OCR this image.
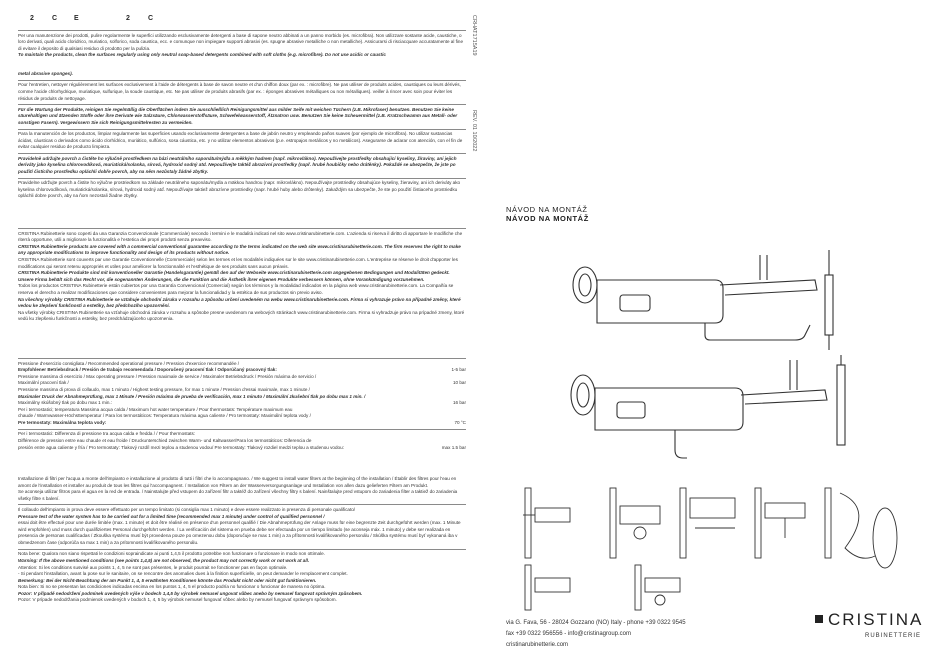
2 C E	2 C

Per una manutenzione dei prodotti, pulire regolarmente le superfici utilizzando esclusivamente detergenti a base di sapone neutro abbinati a un panno morbido (es. microfibra). Non utilizzare sostante acide, caustiche, o loro derivati, quali acido cloridrico, muriatico, solforico, soda caustica, ecc. e comunque non impiegare supporti abrasivi (es. spugne abrasive metalliche o non metalliche). Assicurarsi di risciacquare accuratamente al fine di evitare il deposito di qualsiasi residuo di prodotto per la pulizia.

To maintain the products, clean the surfaces regularly using only neutral soap-based detergents combined with soft cloths (e.g. microfibre). Do not use acidic or caustic

metal abrasive sponges).

Pour l'entretien, nettoyer régulièrement les surfaces exclusivement à l'aide de détergents à base de savon neutre et d'un chiffon doux (par ex. : microfibre). Ne pas utiliser de produits acides, caustiques ou leurs dérivés, comme l'acide chlorhydrique, muriatique, sulfurique, la soude caustique, etc. Ne pas utiliser de produits abrasifs (par ex. : éponges abrasives métalliques ou non métalliques). veiller à rincer avec soin pour éviter les résidus de produits de nettoyage.

Für die Wartung der Produkte, reinigen Sie regelmäßig die Oberflächen indem Sie ausschließlich Reinigungsmittel aus milder Seife mit weichen Tüchern (z.B. Mikrofaser) benutzen. Benutzen Sie keine säurehaltigen und ätzenden Stoffe oder ihre Derivate wie Salzsäure, Chlorwasserstoffsäure, Schwefelwasserstoff, Ätznatron usw. Benutzen Sie keine Scheuermittel (z.B. Kratzschwamm aus Metall- oder sonstigen Fasern). Vergewissern Sie sich Reinigungsmittelresten zu vermeiden.

Para la manutención de los productos, limpiar regularmente las superficies usando exclusivamente detergentes a base de jabón neutro y empleando paños suaves (por ejemplo de microfibra). No utilizar sustancias ácidas, cáusticas o derivados como ácido clorhídrico, muriático, sulfúrico, sosa cáustica, etc. y no utilizar elementos abrasivos (p.e. estropajos metálicos y no metálicos). Asegurarse de aclarar con atención, con el fin de evitar cualquier residuo de producto limpieza.

Pravidelně udržujte povrch a čistěte ho výlučně prostředkem na bázi neutrálního saponátu/mýdla a měkkým hadrem (např. mikrovlákno). Nepoužívejte prostředky obsahující kyseliny, žíraviny, ani jejich deriváty jako kyselina chlorovodíková, muriatická/solanka, sírová, hydroxid sodný atd. Nepoužívejte taktéž abrazivní prostředky (např. hrubé houbičky nebo drátěnky). Pokaždé se ubezpečte, že jste po použití čistícího prostředku opláchli dobře povrch, aby na něm nezůstaly žádné zbytky.

Pravidelne udržujte povrch a čistite ho výlučne prostriedkom na základe neutrálneho saponátu/mydla a mäkkou handrou (napr. mikrovlákno). Nepoužívajte prostriedky obsahujúce kyseliny, žieraviny, ani ich deriváty ako kyselina chlorovodíková, muriatická/solanka, sírová, hydroxid sodný atď. Nepoužívajte taktiež abrazívne prostriedky (napr. hrubé huby alebo drôtenky). Zakaždým sa ubezpečte, že ste po použití čistiaceho prostriedku opláchli dobre povrch, aby na ňom nezostali žiadne zbytky.

CRISTINA Rubinetterie sono coperti da una Garanzia Convenzionale (Commerciale) secondo i termini e le modalità indicati nel sito www.cristinarubinetterie.com. L'azienda si riserva il diritto di apportare le modifiche che riterrà opportune, utili a migliorare la funzionalità e l'estetica dei propri prodotti senza preavviso.

CRISTINA Rubinetterie products are covered with a commercial conventional guarantee according to the terms indicated on the web site www.cristinarubinetterie.com. The firm reserves the right to make any appropriate modifications to improve functionality and design of its products without notice.

CRISTINA Rubinetterie sont couverts par une Garantie Conventionnelle (Commerciale) selon les termes et les modalités indiquées sur le site www.cristinarubinetterie.com. L'entreprise se réserve le droit d'apporter les modifications qui seront retenu appropriés et utiles pour améliorer la fonctionnalité et l'esthétique de ses produits sans aucun préavis.

CRISTINA Rubinetterie Produkte sind mit konventioneller Garantie (Handelsgarantie) gemäß den auf der Webseite www.cristinarubinetterie.com angegebenen Bedingungen und Modalitäten gedeckt. Unsere Firma behält sich das Recht vor, die sogenannten Änderungen, die die Funktion und die Ästhetik ihrer eigenen Produkte verbessern können, ohne Vorankündigung vorzunehmen.

Todos los productos CRISTINA Rubinetterie están cubiertos por una Garantía Convencional (Comercial) según los términos y la modalidad indicados en la página web www.cristinarubinetterie.com. La Compañía se reserva el derecho a realizar modificaciones que considere convenientes para mejorar la funcionalidad y la estética de sus productos sin previo aviso.

Na všechny výrobky CRISTINA Rubinetterie se vztahuje obchodní záruka v rozsahu a způsobu určení uvedeném na webu www.cristinarubinetterie.com. Firma si vyhrazuje právo na případné změny, které vedou ke zlepšení funkčnosti a estetiky, bez předchozího upozornění.

Na všetky výrobky CRISTINA Rubinetterie sa vzťahuje obchodná záruka v rozsahu a spôsobe presne uvedenom na webových stránkach www.cristinarubinetterie.com. Firma si vyhradzuje právo na prípadné zmeny, ktoré vedú ku zlepšeniu funkčnosti a estetiky, bez predchádzajúceho upozornenia.

Pressione d'esercizio consigliata / Recommended operational pressure / Pression d'exercice recommandée /

Empfohlener Betriebsdruck / Presión de trabajo recomendada / Doporučený pracovní tlak / Odporúčaný pracovný tlak:	1-5 bar

Pressione massima di esercizio / Max operating pressure / Pression maximale de service / Maximaler Betriebsdruck / Presión máxima de servicio /

Maximální pracovní tlak /	10 bar

Pressione massima di prova di collaudo, max 1 minuto / Highest testing pressure, for max 1 minute / Pression d'essai maximale, max 1 minute /

Maximaler Druck der Abnahmeprüfung, max 1 Minute / Presión máxima de prueba de verificación, max 1 minuto / Maximální zkušební tlak po dobu max 1 min. /

Maximálny skúšobný tlak po dobu max 1 min.:	16 bar

Per i termostatici; temperatura Massima acqua calda / Maximum hot water temperature / Pour thermostats: Température maximum eau

chaude / Warmwasser-Höchsttemperatur / Para los termostáticos: Temperatura máxima agua caliente / Pro termostaty: Maximální teplota vody /

Pre termostaty: Maximálna teplota vody:	70 °C

Per i termostatici: Differenza di pressione tra acqua calda e fredda / / Pour thermostats:

Différence de pression entre eau chaude et eau froide / Druckunterschied zwischen Warm- und Kaltwasser/Para los termostáticos: Diferencia de

presión entre agua caliente y fría / Pro termostaty: Tlakový rozdíl mezi teplou a studenou vodou/ Pre termostaty: Tlakový rozdiel medzi teplou a studenou vodou:	max 1.5 bar

Installazione di filtri per l'acqua a monte dell'impianto e installazione al prodotto di tutti i filtri che lo accompagnano. / We suggest to install water filters at the beginning of the installation / Établir des filtres pour l'eau en amont de l'installation et installer au produit de tous les filtres qui l'accompagnent. / Installation von Filtern an der Wasserversorgungsanlage und Installation von allen dazu gelieferten Filtern am Produkt.

Se aconseja utilizar filtros para el agua en la red de entrada. / Nainstalujte před vstupem do zařízení filtr a taktéž do zařízení všechny filtry s balení. Nainštalujte pred vstupom do zariadenia filter a taktiež do zariadenia všetky filtre s balení.

Il collaudo dell'impianto in prova deve essere effettuato per un tempo limitato (si consiglia max 1 minuto) e deve essere realizzato in presenza di personale qualificato/

Pressure test of the water system has to be carried out for a limited time (recommended max 1 minute) under control of qualified personnel /

essai doit être effectué pour une durée limitée (max. 1 minute) et doit être réalisé en présence d'un personnel qualifié / Die Abnahmeprüfung der Anlage muss für eine begrenzte Zeit durchgeführt werden (max. 1 Minute wird empfohlen) und muss durch qualifiziertes Personal durchgeführt werden. / La verificación del sistema en prueba debe ser efectuada por un tiempo limitado (se aconseja máx. 1 minuto) y debe ser realizada en presencia de personas cualificadas / Zkouška systému musí být provedena pouze po omezenou dobu (doporučuje se max 1 min) a za přítomnosti kvalifikovaného personálu / Skúška systému musí byť vykonaná iba v obmedzenom čase (odporúča sa max 1 min) a za prítomnosti kvalifikovaného personálu.

Nota bene: Qualora non siano rispettati le condizioni sopraindicate ai punti 1,4,5 il prodotto potrebbe non funzionare o funzionare in modo non ottimale.

Warning: If the above mentioned conditions (see points 1,4,5) are not observed, the product may not correctly work or not work at all.

Attention: Si les conditions susvisé aux points 1, 4, 5 ne sont pas présentes, le produit pourrait ne fonctionner pas en façon optimale.

- Si pendant l'installation, avant la pose sur le sanitaire, on se rencontre des anomalies dues à la finition superficielle, on peut demander le remplacement complet.

Bemerkung: Bei der Nicht-Beachtung der am Punkt 1, 4, 5 erwähnten Konditionen könnte das Produkt nicht oder nicht gut funktionieren.

Nota bien: Si no se presentan las condiciones indicadas encima en los puntos 1, 4, 5 el producto podría no funcionar o funcionar de manera no óptima.

Pozor: V případě nedodržení podmínek uvedených výše v bodech 1,4,5 by výrobek nemusel ungovat vůbec anebo by nemusel fungovat správným způsobem.

Pozor: V prípade nedodržania podmienok uvedených v bodoch 1, 4, 5 by výrobok nemusel fungovať vôbec alebo by nemusel fungovať správnym spôsobom.

CRHAT1715A19
REV. 01 10/2022
NÁVOD NA MONTÁŽ
NÁVOD NA MONTÁŽ
CRISTINA
RUBINETTERIE
via G. Fava, 56 - 28024 Gozzano (NO) Italy - phone +39 0322 9545
fax +39 0322 956556 - info@cristinagroup.com
cristinarubinetterie.com
